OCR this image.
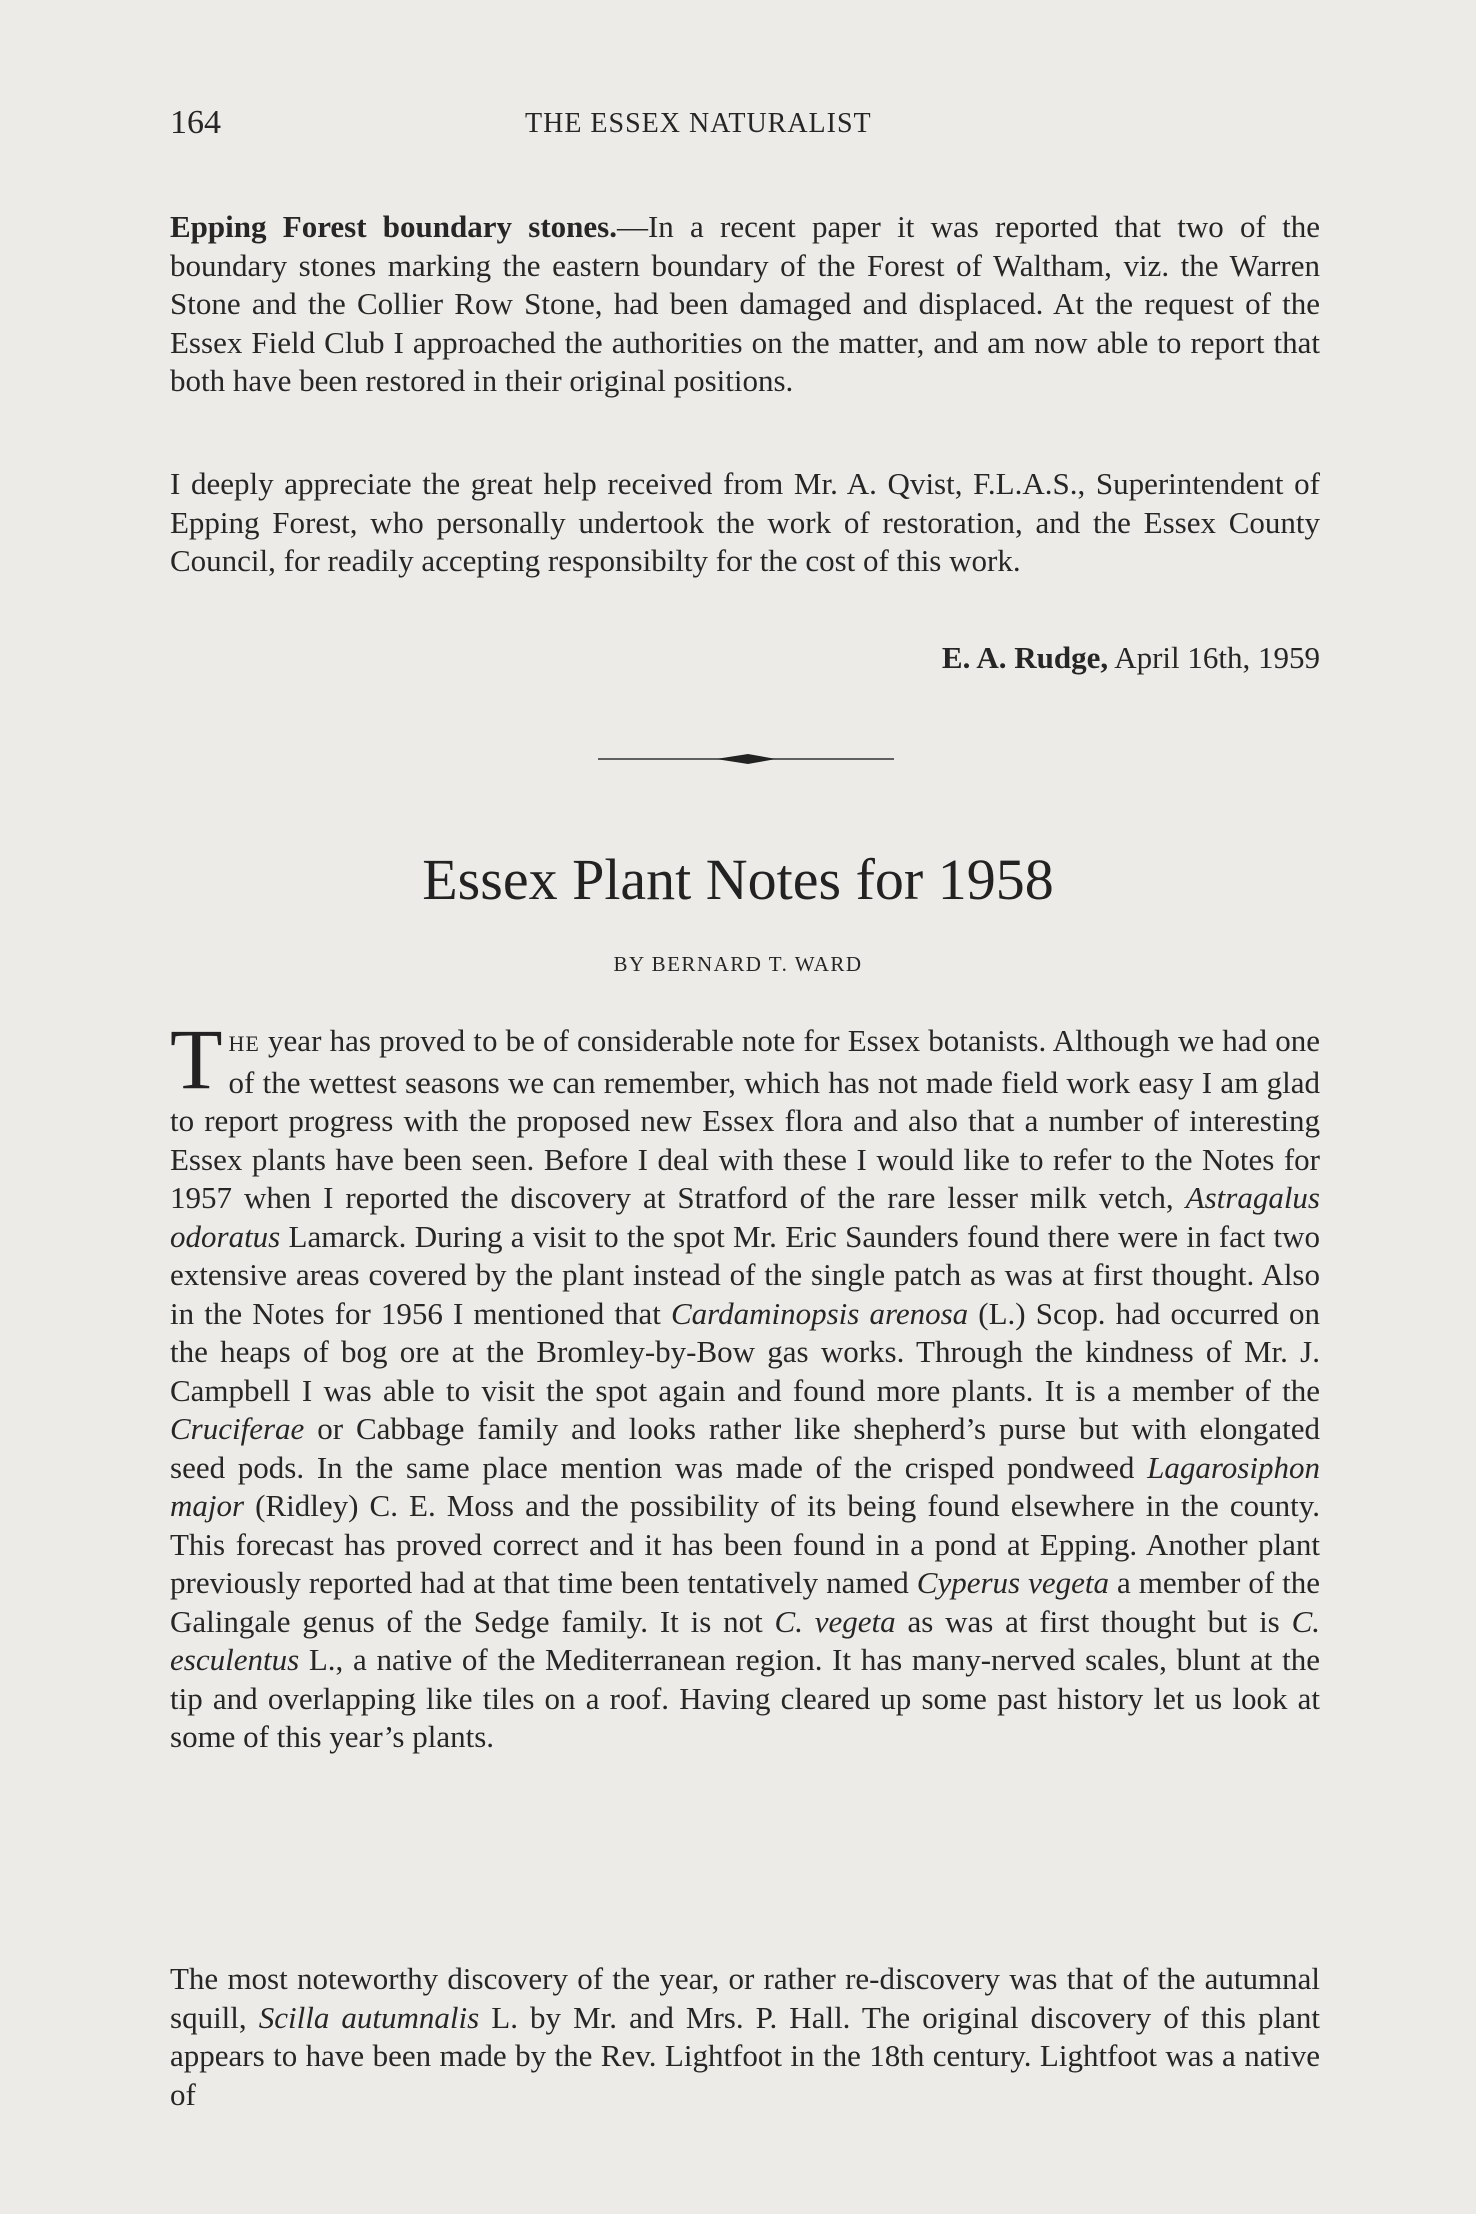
164	THE ESSEX NATURALIST

Epping Forest boundary stones.—In a recent paper it was reported that two of the boundary stones marking the eastern boundary of the Forest of Waltham, viz. the Warren Stone and the Collier Row Stone, had been damaged and displaced. At the request of the Essex Field Club I approached the authorities on the matter, and am now able to report that both have been restored in their original positions.

I deeply appreciate the great help received from Mr. A. Qvist, F.L.A.S., Superintendent of Epping Forest, who personally undertook the work of restoration, and the Essex County Council, for readily accepting responsibilty for the cost of this work.

E. A. Rudge, April 16th, 1959
Essex Plant Notes for 1958
BY BERNARD T. WARD

THE year has proved to be of considerable note for Essex botanists. Although we had one of the wettest seasons we can remember, which has not made field work easy I am glad to report progress with the proposed new Essex flora and also that a number of interesting Essex plants have been seen. Before I deal with these I would like to refer to the Notes for 1957 when I reported the discovery at Stratford of the rare lesser milk vetch, Astragalus odoratus Lamarck. During a visit to the spot Mr. Eric Saunders found there were in fact two extensive areas covered by the plant instead of the single patch as was at first thought. Also in the Notes for 1956 I mentioned that Cardaminopsis arenosa (L.) Scop. had occurred on the heaps of bog ore at the Bromley-by-Bow gas works. Through the kindness of Mr. J. Campbell I was able to visit the spot again and found more plants. It is a member of the Cruciferae or Cabbage family and looks rather like shepherd’s purse but with elongated seed pods. In the same place mention was made of the crisped pondweed Lagarosiphon major (Ridley) C. E. Moss and the possibility of its being found elsewhere in the county. This forecast has proved correct and it has been found in a pond at Epping. Another plant previously reported had at that time been tentatively named Cyperus vegeta a member of the Galingale genus of the Sedge family. It is not C. vegeta as was at first thought but is C. esculentus L., a native of the Mediterranean region. It has many-nerved scales, blunt at the tip and overlapping like tiles on a roof. Having cleared up some past history let us look at some of this year’s plants.

The most noteworthy discovery of the year, or rather re-discovery was that of the autumnal squill, Scilla autumnalis L. by Mr. and Mrs. P. Hall. The original discovery of this plant appears to have been made by the Rev. Lightfoot in the 18th century. Lightfoot was a native of
